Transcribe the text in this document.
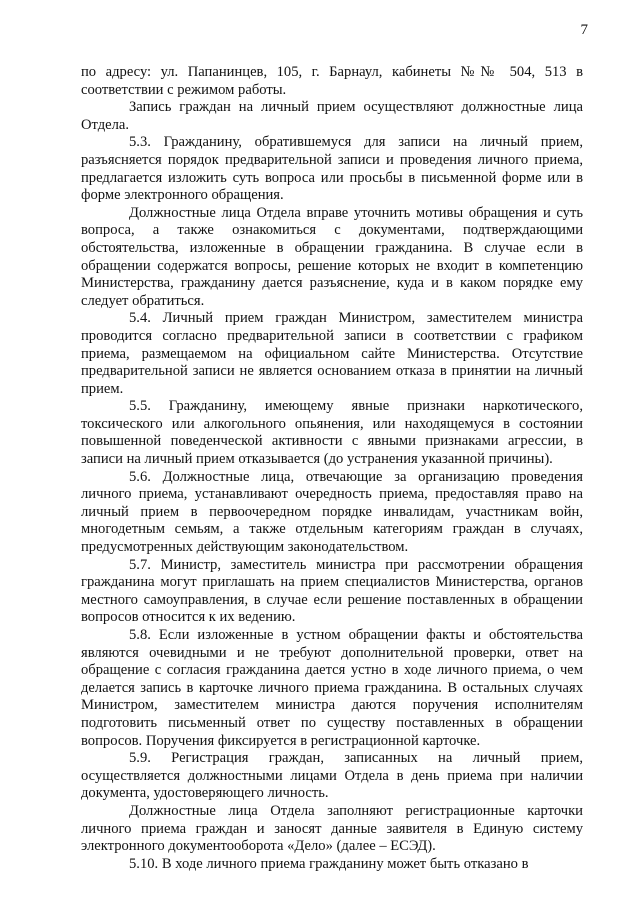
7

по адресу: ул. Папанинцев, 105, г. Барнаул, кабинеты №№ 504, 513 в соответствии с режимом работы.

Запись граждан на личный прием осуществляют должностные лица Отдела.

5.3. Гражданину, обратившемуся для записи на личный прием, разъясняется порядок предварительной записи и проведения личного приема, предлагается изложить суть вопроса или просьбы в письменной форме или в форме электронного обращения.

Должностные лица Отдела вправе уточнить мотивы обращения и суть вопроса, а также ознакомиться с документами, подтверждающими обстоятельства, изложенные в обращении гражданина. В случае если в обращении содержатся вопросы, решение которых не входит в компетенцию Министерства, гражданину дается разъяснение, куда и в каком порядке ему следует обратиться.

5.4. Личный прием граждан Министром, заместителем министра проводится согласно предварительной записи в соответствии с графиком приема, размещаемом на официальном сайте Министерства. Отсутствие предварительной записи не является основанием отказа в принятии на личный прием.

5.5. Гражданину, имеющему явные признаки наркотического, токсического или алкогольного опьянения, или находящемуся в состоянии повышенной поведенческой активности с явными признаками агрессии, в записи на личный прием отказывается (до устранения указанной причины).

5.6. Должностные лица, отвечающие за организацию проведения личного приема, устанавливают очередность приема, предоставляя право на личный прием в первоочередном порядке инвалидам, участникам войн, многодетным семьям, а также отдельным категориям граждан в случаях, предусмотренных действующим законодательством.

5.7. Министр, заместитель министра при рассмотрении обращения гражданина могут приглашать на прием специалистов Министерства, органов местного самоуправления, в случае если решение поставленных в обращении вопросов относится к их ведению.

5.8. Если изложенные в устном обращении факты и обстоятельства являются очевидными и не требуют дополнительной проверки, ответ на обращение с согласия гражданина дается устно в ходе личного приема, о чем делается запись в карточке личного приема гражданина. В остальных случаях Министром, заместителем министра даются поручения исполнителям подготовить письменный ответ по существу поставленных в обращении вопросов. Поручения фиксируется в регистрационной карточке.

5.9. Регистрация граждан, записанных на личный прием, осуществляется должностными лицами Отдела в день приема при наличии документа, удостоверяющего личность.

Должностные лица Отдела заполняют регистрационные карточки личного приема граждан и заносят данные заявителя в Единую систему электронного документооборота «Дело» (далее – ЕСЭД).

5.10. В ходе личного приема гражданину может быть отказано в
